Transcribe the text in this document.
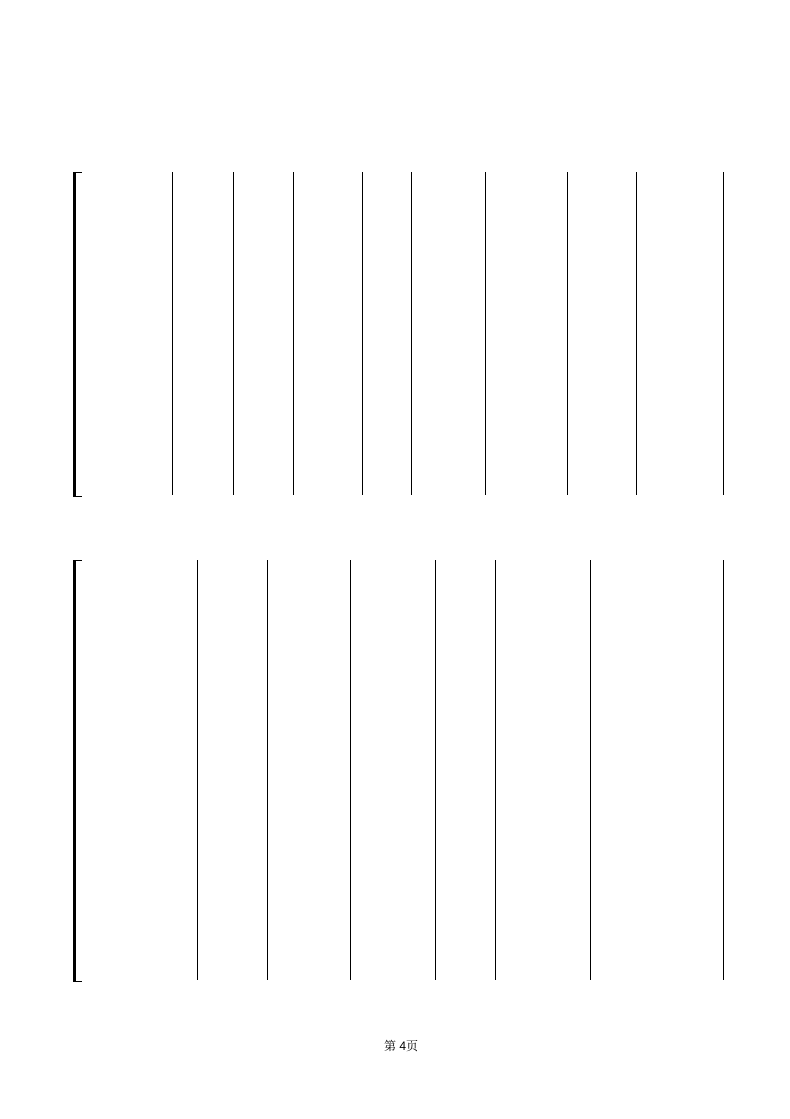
第 4页
